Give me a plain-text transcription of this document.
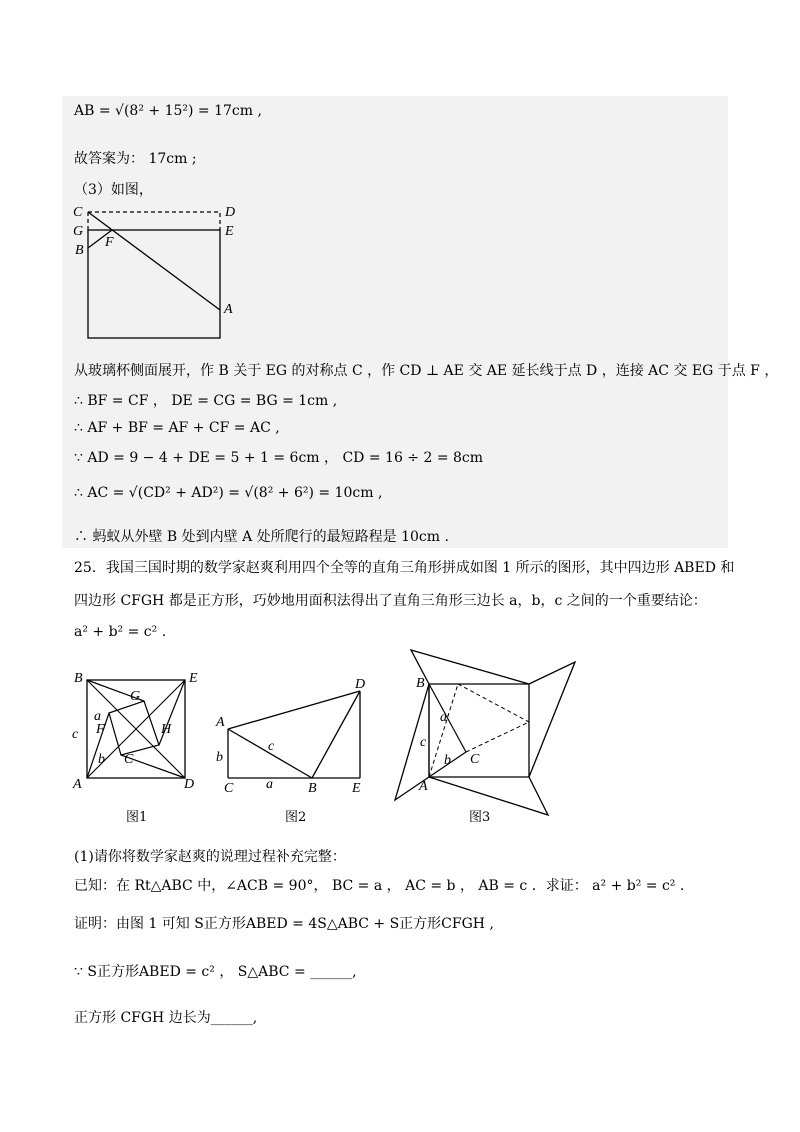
AB = √(8² + 15²) = 17cm ,
故答案为： 17cm ;
（3）如图，
C	D
G	E
B
F
A
从玻璃杯侧面展开，作 B 关于 EG 的对称点 C ，作 CD ⊥ AE 交 AE 延长线于点 D ，连接 AC 交 EG 于点 F ，
∴ BF = CF ， DE = CG = BG = 1cm ,
∴ AF + BF = AF + CF = AC ,
∵ AD = 9 − 4 + DE = 5 + 1 = 6cm ， CD = 16 ÷ 2 = 8cm
∴ AC = √(CD² + AD²) = √(8² + 6²) = 10cm ,
∴ 蚂蚁从外壁 B 处到内壁 A 处所爬行的最短路程是 10cm .
25．我国三国时期的数学家赵爽利用四个全等的直角三角形拼成如图 1 所示的图形，其中四边形 ABED 和
四边形 CFGH 都是正方形，巧妙地用面积法得出了直角三角形三边长 a，b，c 之间的一个重要结论：
a² + b² = c² .
B	E
G
a
F	H
c
b C
A	D
图1
A
D
c
b
a
C	B	E
图2
B
a
c
b C
A
图3
(1)请你将数学家赵爽的说理过程补充完整：
已知：在 Rt△ABC 中，∠ACB = 90°， BC = a ， AC = b ， AB = c ．求证： a² + b² = c² .
证明：由图 1 可知 S正方形ABED = 4S△ABC + S正方形CFGH ,
∵ S正方形ABED = c² ， S△ABC = ______,
正方形 CFGH 边长为______,
